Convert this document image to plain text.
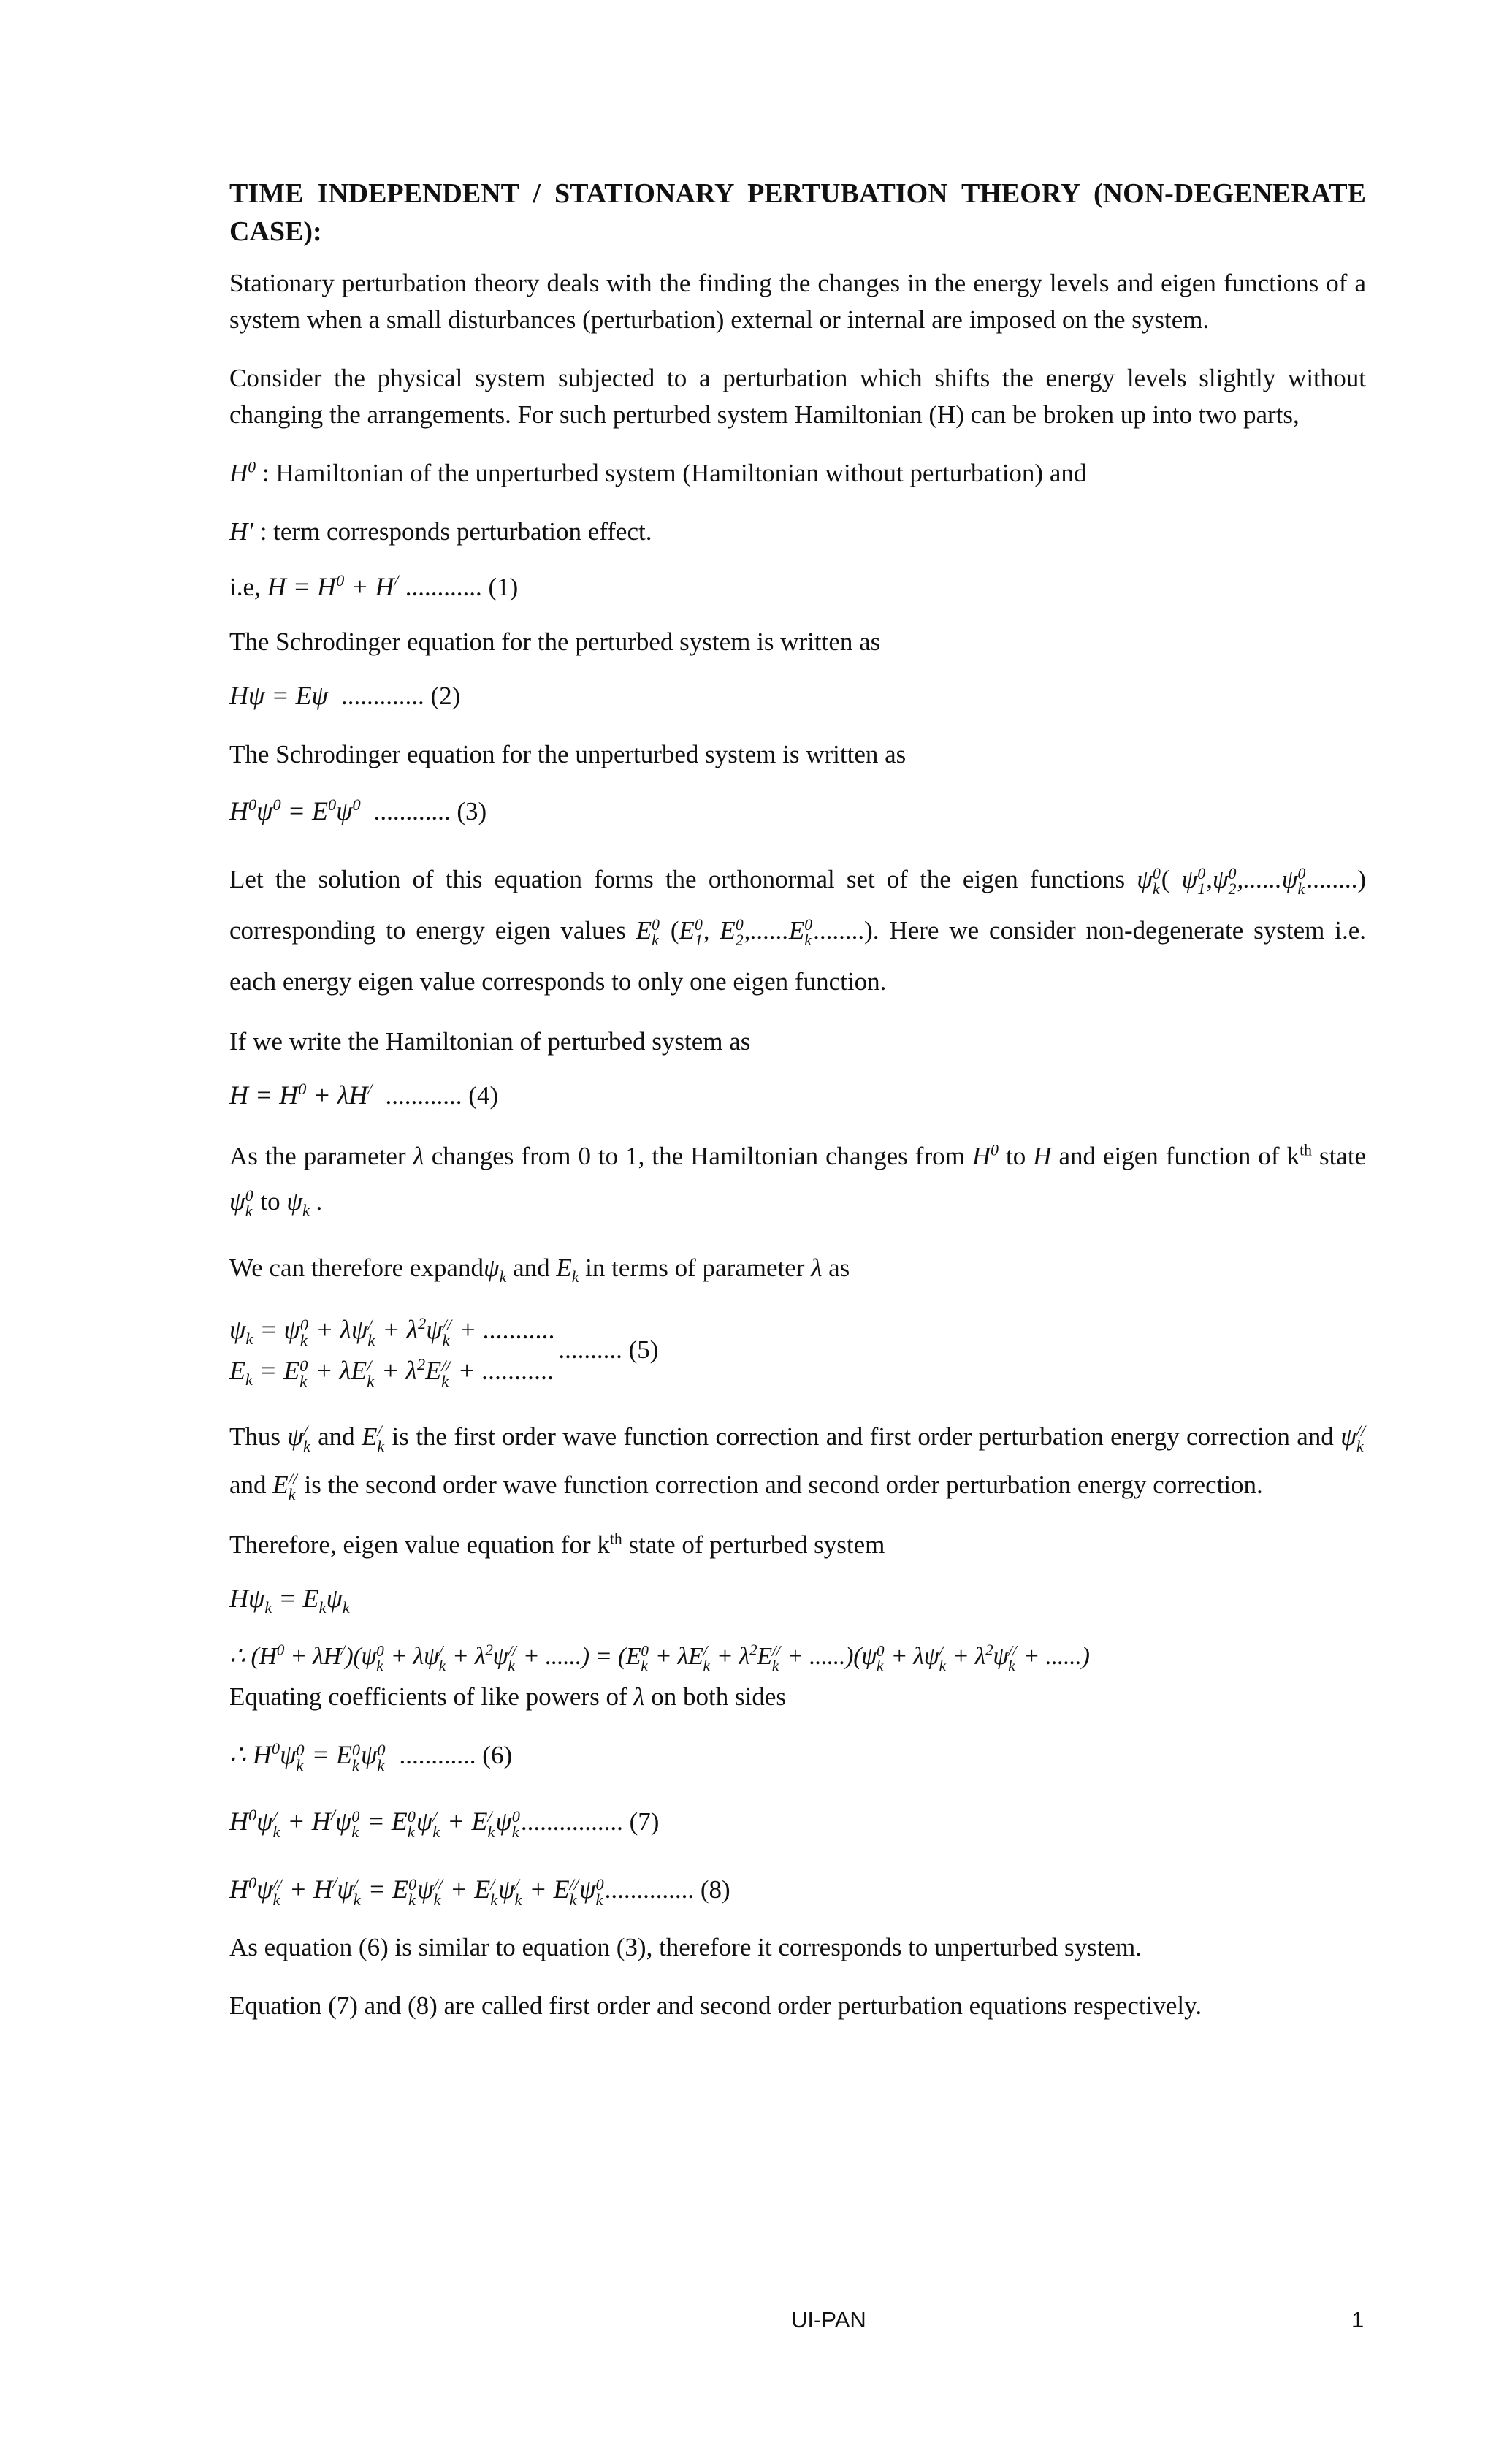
TIME INDEPENDENT / STATIONARY PERTUBATION THEORY (NON-DEGENERATE CASE):

Stationary perturbation theory deals with the finding the changes in the energy levels and eigen functions of a system when a small disturbances (perturbation) external or internal are imposed on the system.

Consider the physical system subjected to a perturbation which shifts the energy levels slightly without changing the arrangements. For such perturbed system Hamiltonian (H) can be broken up into two parts,

$H^0$ : Hamiltonian of the unperturbed system (Hamiltonian without perturbation) and

H′ : term corresponds perturbation effect.

i.e, $H = H^0 + H^/$ ............ (1)

The Schrodinger equation for the perturbed system is written as

Hψ = Eψ ............. (2)

The Schrodinger equation for the unperturbed system is written as

$H^0\psi^0 = E^0\psi^0$ ............ (3)

Let the solution of this equation forms the orthonormal set of the eigen functions ψ 0
k ( ψ 0
1 ,ψ 0
2 ,......ψ 0
k ........) corresponding to energy eigen values E 0
k (E 0
1 , E 0
2 ,......E 0
k ........). Here we consider non-degenerate system i.e. each energy eigen value corresponds to only one eigen function.

If we write the Hamiltonian of perturbed system as

$H = H^0 + \lambda H^/$ ............ (4)

As the parameter λ changes from 0 to 1, the Hamiltonian changes from $H^0$ to H and eigen function of $k^{th}$ state ψ 0
k to $\psi_k$ .

We can therefore expandψ$_k$ and $E_k$ in terms of parameter λ as

$\psi_k = \psi$ 0
k + λψ /
$k + \lambda^2\psi$ //
k + ...........
$E_k = E$ 0
k + λE /
$k + \lambda^2E$ //
k + ...........
.......... (5)

Thus ψ /
k and E /
k is the first order wave function correction and first order perturbation energy correction and ψ //
k
and E //
k is the second order wave function correction and second order perturbation energy correction.

Therefore, eigen value equation for $k^{th}$ state of perturbed system

$H\psi_k = E_k\psi_k$

∴ $(H^0 + \lambda H^/)(\psi$ 0
k + λψ /
$k + \lambda^2\psi$ //
k + ......) = (E 0
k + λE /
$k + \lambda^2E$ //
k + ......)(ψ 0
k + λψ /
$k + \lambda^2\psi$ //
k + ......)

Equating coefficients of like powers of λ on both sides

∴ $H^0\psi$ 0
k = E 0
k ψ 0
k ............ (6)

$H^0\psi$ /
k + H/ψ 0
k = E 0
k ψ /
k + E /
k ψ 0
k ................ (7)

$H^0\psi$ //
k + H/ψ /
k = E 0
k ψ //
k + E /
k ψ /
k + E //
k ψ 0
k .............. (8)

As equation (6) is similar to equation (3), therefore it corresponds to unperturbed system.

Equation (7) and (8) are called first order and second order perturbation equations respectively.

UI-PAN	1
